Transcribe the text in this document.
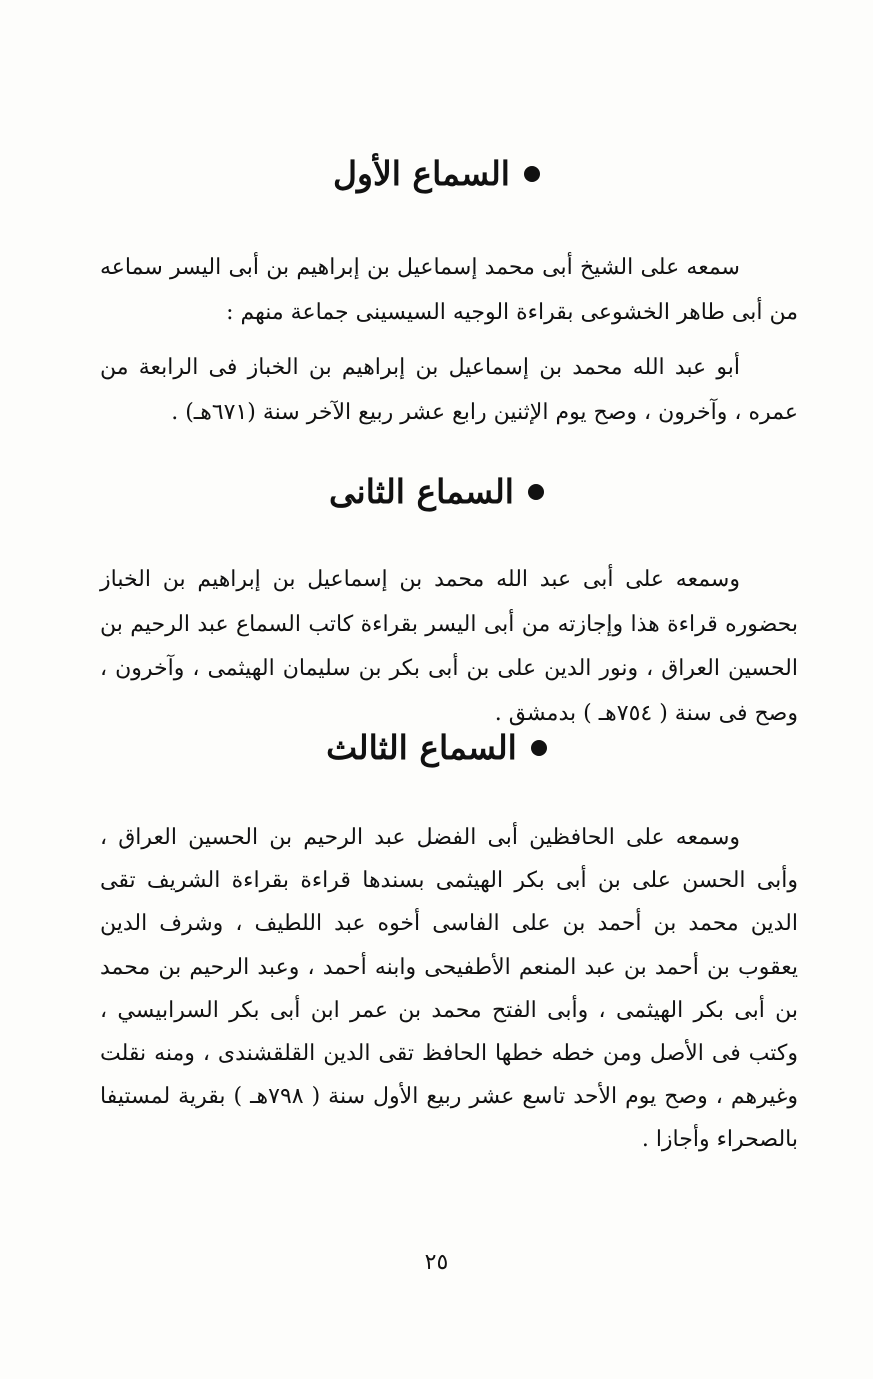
السماع الأول
سمعه على الشيخ أبى محمد إسماعيل بن إبراهيم بن أبى اليسر سماعه من أبى طاهر الخشوعى بقراءة الوجيه السيسينى جماعة منهم :
أبو عبد الله محمد بن إسماعيل بن إبراهيم بن الخباز فى الرابعة من عمره ، وآخرون ، وصح يوم الإثنين رابع عشر ربيع الآخر سنة (٦٧١هـ) .
السماع الثانى
وسمعه على أبى عبد الله محمد بن إسماعيل بن إبراهيم بن الخباز بحضوره قراءة هذا وإجازته من أبى اليسر بقراءة كاتب السماع عبد الرحيم بن الحسين العراق ، ونور الدين على بن أبى بكر بن سليمان الهيثمى ، وآخرون ، وصح فى سنة ( ٧٥٤هـ ) بدمشق .
السماع الثالث
وسمعه على الحافظين أبى الفضل عبد الرحيم بن الحسين العراق ، وأبى الحسن على بن أبى بكر الهيثمى بسندها قراءة بقراءة الشريف تقى الدين محمد بن أحمد بن على الفاسى أخوه عبد اللطيف ، وشرف الدين يعقوب بن أحمد بن عبد المنعم الأطفيحى وابنه أحمد ، وعبد الرحيم بن محمد بن أبى بكر الهيثمى ، وأبى الفتح محمد بن عمر ابن أبى بكر السرابيسي ، وكتب فى الأصل ومن خطه خطها الحافظ تقى الدين القلقشندى ، ومنه نقلت وغيرهم ، وصح يوم الأحد تاسع عشر ربيع الأول سنة ( ٧٩٨هـ ) بقرية لمستيفا بالصحراء وأجازا .
٢٥
